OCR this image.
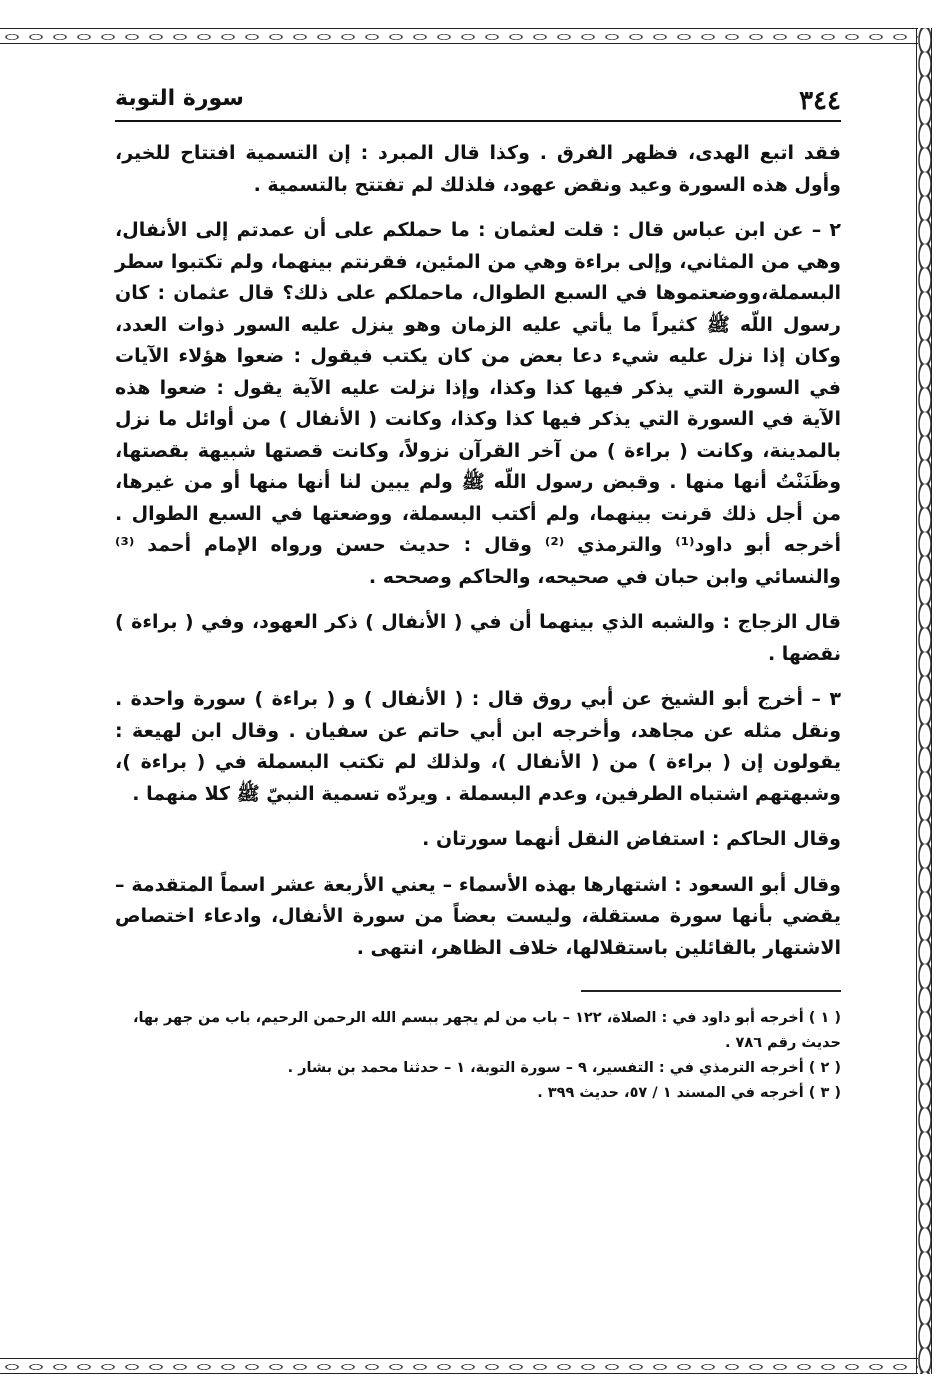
٣٤٤
سورة التوبة

فقد اتبع الهدى، فظهر الفرق . وكذا قال المبرد : إن التسمية افتتاح للخير، وأول هذه السورة وعيد ونقض عهود، فلذلك لم تفتتح بالتسمية .

٢ – عن ابن عباس قال : قلت لعثمان : ما حملكم على أن عمدتم إلى الأنفال، وهي من المثاني، وإلى براءة وهي من المئين، فقرنتم بينهما، ولم تكتبوا سطر البسملة،ووضعتموها في السبع الطوال، ماحملكم على ذلك؟ قال عثمان : كان رسول اللّه ﷺ كثيراً ما يأتي عليه الزمان وهو ينزل عليه السور ذوات العدد، وكان إذا نزل عليه شيء دعا بعض من كان يكتب فيقول : ضعوا هؤلاء الآيات في السورة التي يذكر فيها كذا وكذا، وإذا نزلت عليه الآية يقول : ضعوا هذه الآية في السورة التي يذكر فيها كذا وكذا، وكانت ( الأنفال ) من أوائل ما نزل بالمدينة، وكانت ( براءة ) من آخر القرآن نزولاً، وكانت قصتها شبيهة بقصتها، وظَنَنْتُ أنها منها . وقبض رسول اللّه ﷺ ولم يبين لنا أنها منها أو من غيرها، من أجل ذلك قرنت بينهما، ولم أكتب البسملة، ووضعتها في السبع الطوال . أخرجه أبو داود⁽¹⁾ والترمذي ⁽²⁾ وقال : حديث حسن ورواه الإمام أحمد ⁽³⁾ والنسائي وابن حبان في صحيحه، والحاكم وصححه .

قال الزجاج : والشبه الذي بينهما أن في ( الأنفال ) ذكر العهود، وفي ( براءة ) نقضها .

٣ – أخرج أبو الشيخ عن أبي روق قال : ( الأنفال ) و ( براءة ) سورة واحدة . ونقل مثله عن مجاهد، وأخرجه ابن أبي حاتم عن سفيان . وقال ابن لهيعة : يقولون إن ( براءة ) من ( الأنفال )، ولذلك لم تكتب البسملة في ( براءة )، وشبهتهم اشتباه الطرفين، وعدم البسملة . ويردّه تسمية النبيّ ﷺ كلا منهما .

وقال الحاكم : استفاض النقل أنهما سورتان .

وقال أبو السعود : اشتهارها بهذه الأسماء – يعني الأربعة عشر اسماً المتقدمة – يقضي بأنها سورة مستقلة، وليست بعضاً من سورة الأنفال، وادعاء اختصاص الاشتهار بالقائلين باستقلالها، خلاف الظاهر، انتهى .

( ١ ) أخرجه أبو داود في : الصلاة، ١٢٢ – باب من لم يجهر ببسم الله الرحمن الرحيم، باب من جهر بها، حديث رقم ٧٨٦ .

( ٢ ) أخرجه الترمذي في : التفسير، ٩ – سورة التوبة، ١ – حدثنا محمد بن بشار .

( ٣ ) أخرجه في المسند ١ / ٥٧، حديث ٣٩٩ .
